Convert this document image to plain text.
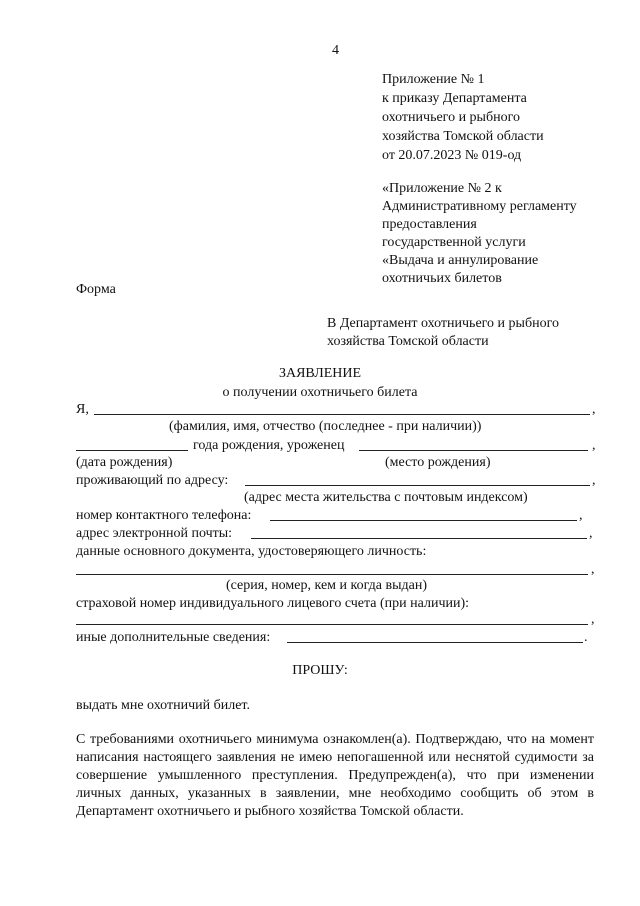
4
Приложение № 1
к приказу Департамента
охотничьего и рыбного
хозяйства Томской области
от 20.07.2023 № 019-од
«Приложение № 2 к
Административному регламенту
предоставления
государственной услуги
«Выдача и аннулирование
охотничьих билетов
Форма
В Департамент охотничьего и рыбного
хозяйства Томской области
ЗАЯВЛЕНИЕ
о получении охотничьего билета
Я,	,
(фамилия, имя, отчество (последнее - при наличии))
года рождения, уроженец	,
(дата рождения)	(место рождения)
проживающий по адресу:	,
(адрес места жительства с почтовым индексом)
номер контактного телефона:	,
адрес электронной почты:	,
данные основного документа, удостоверяющего личность:
,
(серия, номер, кем и когда выдан)
страховой номер индивидуального лицевого счета (при наличии):
,
иные дополнительные сведения:	.
ПРОШУ:
выдать мне охотничий билет.
С требованиями охотничьего минимума ознакомлен(а). Подтверждаю, что на момент написания настоящего заявления не имею непогашенной или неснятой судимости за совершение умышленного преступления. Предупрежден(а), что при изменении личных данных, указанных в заявлении, мне необходимо сообщить об этом в Департамент охотничьего и рыбного хозяйства Томской области.
